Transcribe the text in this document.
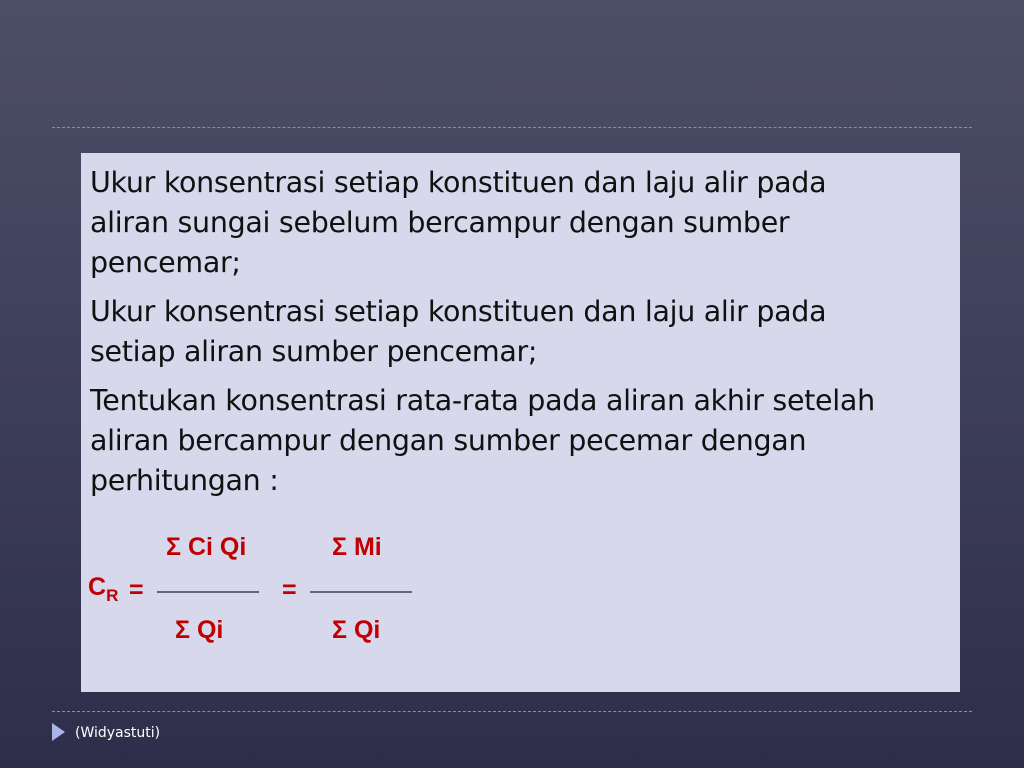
Ukur konsentrasi setiap konstituen dan laju alir pada
aliran sungai sebelum bercampur dengan sumber
pencemar;

Ukur konsentrasi setiap konstituen dan laju alir pada
setiap aliran sumber pencemar;

Tentukan konsentrasi rata-rata pada aliran akhir setelah
aliran bercampur dengan sumber pecemar dengan
perhitungan :

$C_R$ =
Σ Ci Qi
Σ Qi
=
Σ Mi
Σ Qi
(Widyastuti)
